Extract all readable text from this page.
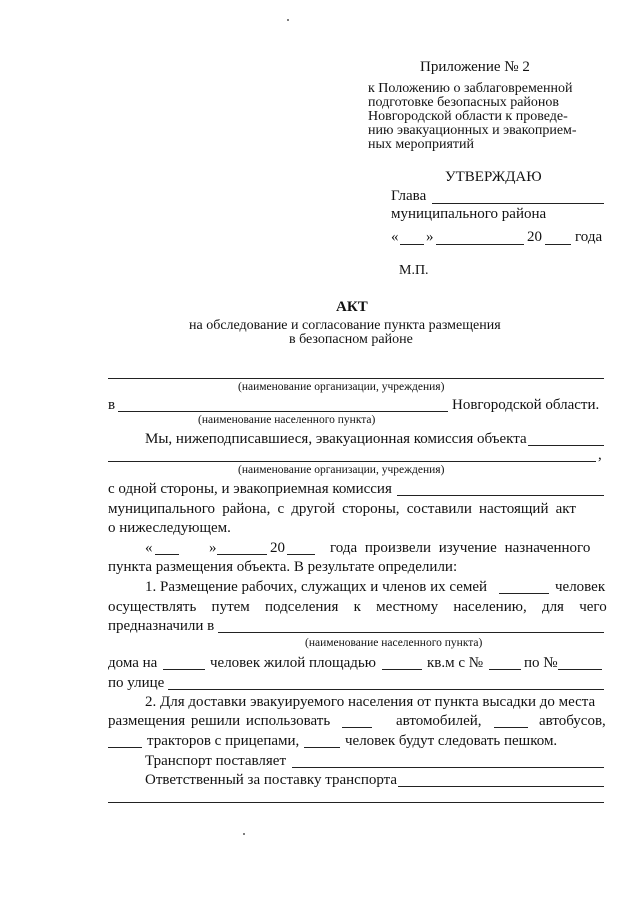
Приложение № 2
к Положению о заблаговременной
подготовке безопасных районов
Новгородской области к проведе-
нию эвакуационных и эвакоприем-
ных мероприятий
УТВЕРЖДАЮ
Глава
муниципального района
« »	20 года
М.П.
АКТ
на обследование и согласование пункта размещения
в безопасном районе
(наименование организации, учреждения)
в	Новгородской области.
(наименование населенного пункта)
Мы, нижеподписавшиеся, эвакуационная комиссия объекта
,
(наименование организации, учреждения)
с одной стороны, и эвакоприемная комиссия
муниципального района, с другой стороны, составили настоящий акт
о нижеследующем.
«	»	20	года произвели изучение назначенного
пункта размещения объекта. В результате определили:
1. Размещение рабочих, служащих и членов их семей	человек
осуществлять путем подселения к местному населению, для чего
предназначили в
(наименование населенного пункта)
дома на	человек жилой площадью	кв.м с №	по №
по улице
2. Для доставки эвакуируемого населения от пункта высадки до места
размещения решили использовать	автомобилей,	автобусов,
тракторов с прицепами,	человек будут следовать пешком.
Транспорт поставляет
Ответственный за поставку транспорта
